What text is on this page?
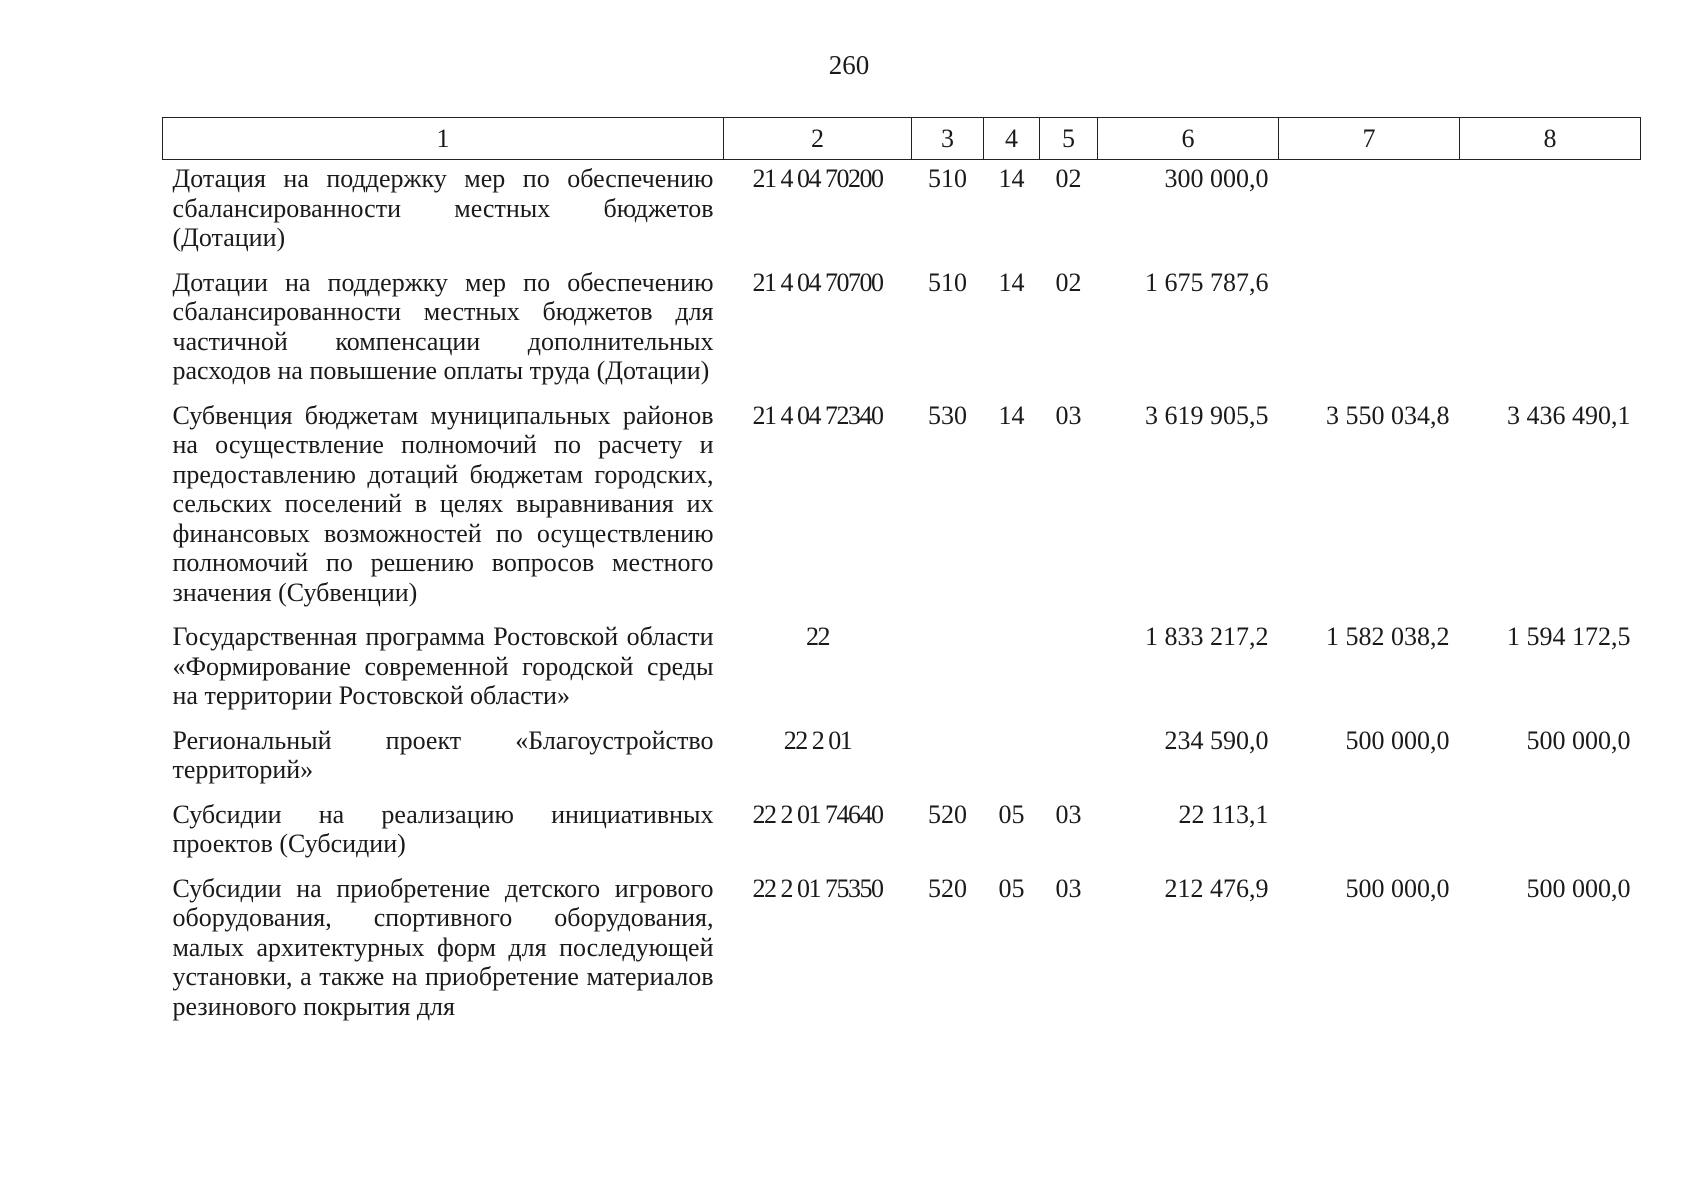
260
1	2	3	4	5	6	7	8
Дотация на поддержку мер по обеспечению сбалансированности местных бюджетов (Дотации)	21 4 04 70200	510	14	02	300 000,0		
Дотации на поддержку мер по обеспечению сбалансированности местных бюджетов для частичной компенсации дополнительных расходов на повышение оплаты труда (Дотации)	21 4 04 70700	510	14	02	1 675 787,6		
Субвенция бюджетам муниципальных районов на осуществление полномочий по расчету и предоставлению дотаций бюджетам городских, сельских поселений в целях выравнивания их финансовых возможностей по осуществлению полномочий по решению вопросов местного значения (Субвенции)	21 4 04 72340	530	14	03	3 619 905,5	3 550 034,8	3 436 490,1
Государственная программа Ростовской области «Формирование современной городской среды на территории Ростовской области»	22				1 833 217,2	1 582 038,2	1 594 172,5
Региональный проект «Благоустройство территорий»	22 2 01				234 590,0	500 000,0	500 000,0
Субсидии на реализацию инициативных проектов (Субсидии)	22 2 01 74640	520	05	03	22 113,1		
Субсидии на приобретение детского игрового оборудования, спортивного оборудования, малых архитектурных форм для последующей установки, а также на приобретение материалов резинового покрытия для	22 2 01 75350	520	05	03	212 476,9	500 000,0	500 000,0
